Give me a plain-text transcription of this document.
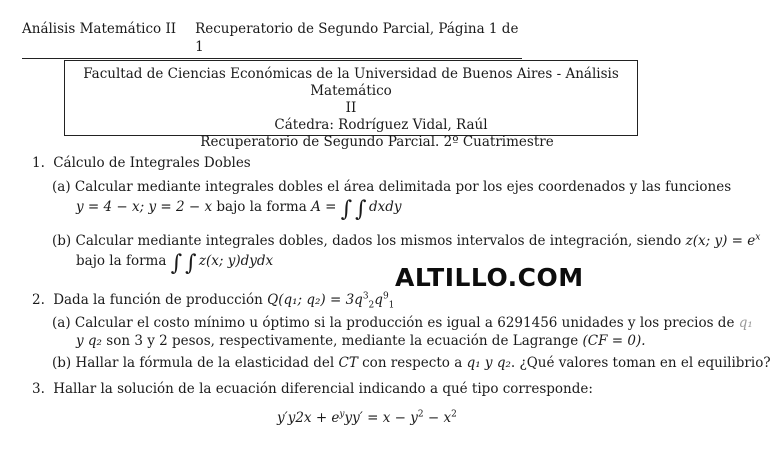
Análisis Matemático II	Recuperatorio de Segundo Parcial, Página 1 de 1
Facultad de Ciencias Económicas de la Universidad de Buenos Aires - Análisis Matemático
II
Cátedra: Rodríguez Vidal, Raúl
Recuperatorio de Segundo Parcial. 2º Cuatrimestre
ALTILLO.COM
1. Cálculo de Integrales Dobles
(a) Calcular mediante integrales dobles el área delimitada por los ejes coordenados y las funciones
y = 4 − x; y = 2 − x bajo la forma A = ∫ ∫ dxdy
(b) Calcular mediante integrales dobles, dados los mismos intervalos de integración, siendo z(x; $y) = e^x$
bajo la forma ∫ ∫ z(x; y)dydx
2. Dada la función de producción Q(q₁; $q_2) = 3q^3_2q^9_1$
(a) Calcular el costo mínimo u óptimo si la producción es igual a 6291456 unidades y los precios de q₁
y q₂ son 3 y 2 pesos, respectivamente, mediante la ecuación de Lagrange (CF = 0).
(b) Hallar la fórmula de la elasticidad del CT con respecto a q₁ y q₂. ¿Qué valores toman en el equilibrio?
3. Hallar la solución de la ecuación diferencial indicando a qué tipo corresponde:
$y'y2x + e^yyy' = x - y^2 - x^2$
